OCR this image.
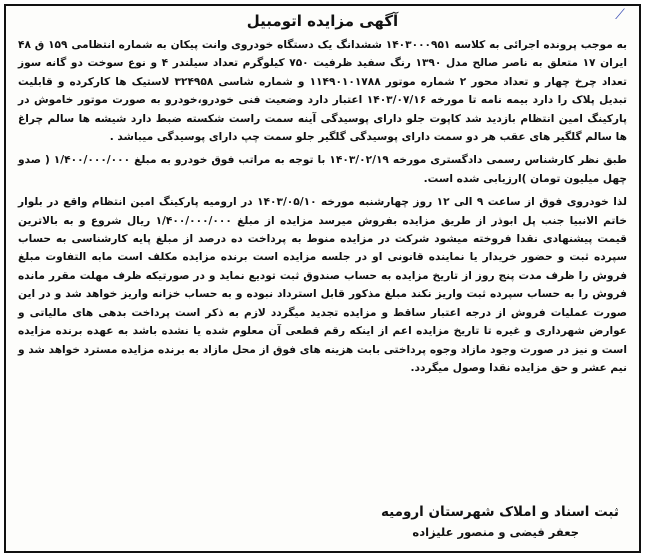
⟋
آگهی مزایده اتومبیل

به موجب پرونده اجرائی به کلاسه ۱۴۰۳۰۰۰۹۵۱ ششدانگ یک دستگاه خودروی وانت پیکان به شماره انتظامی ۱۵۹ ق ۴۸ ایران ۱۷ متعلق به ناصر صالح مدل ۱۳۹۰ رنگ سفید ظرفیت ۷۵۰ کیلوگرم تعداد سیلندر ۴ و نوع سوخت دو گانه سوز تعداد چرخ چهار و تعداد محور ۲ شماره موتور ۱۱۴۹۰۱۰۱۷۸۸ و شماره شاسی ۳۲۴۹۵۸ لاستیک ها کارکرده و قابلیت تبدیل پلاک را دارد بیمه نامه تا مورخه ۱۴۰۳/۰۷/۱۶ اعتبار دارد وضعیت فنی خودرو،خودرو به صورت موتور خاموش در پارکینگ امین انتظام بازدید شد کاپوت جلو دارای پوسیدگی آینه سمت راست شکسته ضبط دارد شیشه ها سالم چراغ ها سالم گلگیر های عقب هر دو سمت دارای پوسیدگی گلگیر جلو سمت چپ دارای پوسیدگی میباشد .

طبق نظر کارشناس رسمی دادگستری مورخه ۱۴۰۳/۰۲/۱۹ با توجه به مراتب فوق خودرو به مبلغ ۱/۴۰۰/۰۰۰/۰۰۰ ( صدو چهل میلیون تومان )ارزیابی شده است.

لذا خودروی فوق از ساعت ۹ الی ۱۲ روز چهارشنبه مورخه ۱۴۰۳/۰۵/۱۰ در ارومیه پارکینگ امین انتظام واقع در بلوار خاتم الانبیا جنب پل ابوذر از طریق مزایده بفروش میرسد مزایده از مبلغ ۱/۴۰۰/۰۰۰/۰۰۰ ریال شروع و به بالاترین قیمت پیشنهادی نقدا فروخته میشود شرکت در مزایده منوط به پرداخت ده درصد از مبلغ پایه کارشناسی به حساب سپرده ثبت و حضور خریدار یا نماینده قانونی او در جلسه مزایده است برنده مزایده مکلف است مابه التفاوت مبلغ فروش را ظرف مدت پنج روز از تاریخ مزایده به حساب صندوق ثبت تودیع نماید و در صورتیکه ظرف مهلت مقرر مانده فروش را به حساب سپرده ثبت واریز نکند مبلغ مذکور قابل استرداد نبوده و به حساب خزانه واریز خواهد شد و در این صورت عملیات فروش از درجه اعتبار ساقط و مزایده تجدید میگردد لازم به ذکر است پرداخت بدهی های مالیاتی و عوارض شهرداری و غیره تا تاریخ مزایده اعم از اینکه رقم قطعی آن معلوم شده یا نشده باشد به عهده برنده مزایده است و نیز در صورت وجود مازاد وجوه پرداختی بابت هزینه های فوق از محل مازاد به برنده مزایده مسترد خواهد شد و نیم عشر و حق مزایده نقدا وصول میگردد.

ثبت اسناد و املاک شهرستان ارومیه
جعفر فیضی و منصور علیزاده
